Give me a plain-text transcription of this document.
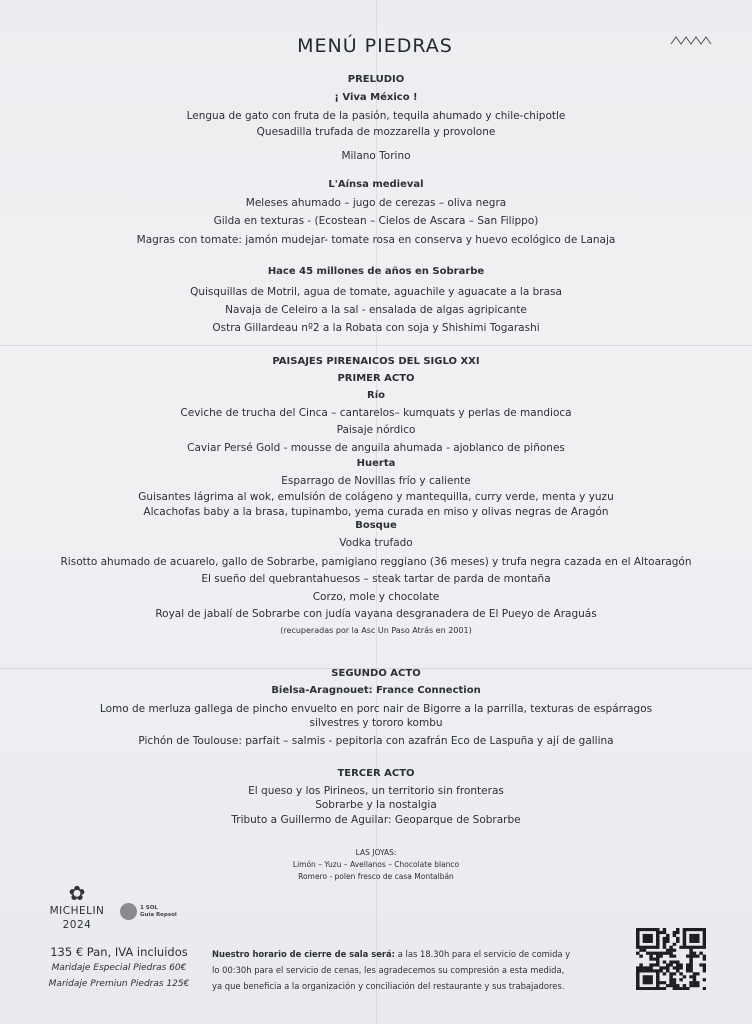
MENÚ PIEDRAS
PRELUDIO
¡ Viva México !
Lengua de gato con fruta de la pasión, tequila ahumado y chile-chipotle
Quesadilla trufada de mozzarella y provolone
Milano Torino
L'Aínsa medieval
Meleses ahumado – jugo de cerezas – oliva negra
Gilda en texturas - (Ecostean – Cielos de Ascara – San Filippo)
Magras con tomate: jamón mudejar- tomate rosa en conserva y huevo ecológico de Lanaja
Hace 45 millones de años en Sobrarbe
Quisquillas de Motril, agua de tomate, aguachile y aguacate a la brasa
Navaja de Celeiro a la sal - ensalada de algas agripicante
Ostra Gillardeau nº2 a la Robata con soja y Shishimi Togarashi
PAISAJES PIRENAICOS DEL SIGLO XXI
PRIMER ACTO
Río
Ceviche de trucha del Cinca – cantarelos– kumquats y perlas de mandioca
Paisaje nórdico
Caviar Persé Gold - mousse de anguila ahumada - ajoblanco de piñones
Huerta
Esparrago de Novillas frío y caliente
Guisantes lágrima al wok, emulsión de colágeno y mantequilla, curry verde, menta y yuzu
Alcachofas baby a la brasa, tupinambo, yema curada en miso y olivas negras de Aragón
Bosque
Vodka trufado
Risotto ahumado de acuarelo, gallo de Sobrarbe, pamigiano reggiano (36 meses) y trufa negra cazada en el Altoaragón
El sueño del quebrantahuesos – steak tartar de parda de montaña
Corzo, mole y chocolate
Royal de jabalí de Sobrarbe con judía vayana desgranadera de El Pueyo de Araguás
(recuperadas por la Asc Un Paso Atrás en 2001)
SEGUNDO ACTO
Bielsa-Aragnouet: France Connection
Lomo de merluza gallega de pincho envuelto en porc nair de Bigorre a la parrilla, texturas de espárragos
silvestres y tororo kombu
Pichón de Toulouse: parfait – salmis - pepitoria con azafrán Eco de Laspuña y ají de gallina
TERCER ACTO
El queso y los Pirineos, un territorio sin fronteras
Sobrarbe y la nostalgia
Tributo a Guillermo de Aguilar: Geoparque de Sobrarbe
LAS JOYAS:
Limón – Yuzu – Avellanos – Chocolate blanco
Romero - polen fresco de casa Montalbán
✿
MICHELIN
2024
1 SOL
Guía Repsol
135 € Pan, IVA incluidos
Maridaje Especial Piedras 60€
Maridaje Premiun Piedras 125€
Nuestro horario de cierre de sala será: a las 18.30h para el servicio de comida y lo 00:30h para el servicio de cenas, les agradecemos su compresión a esta medida, ya que beneficia a la organización y conciliación del restaurante y sus trabajadores.
